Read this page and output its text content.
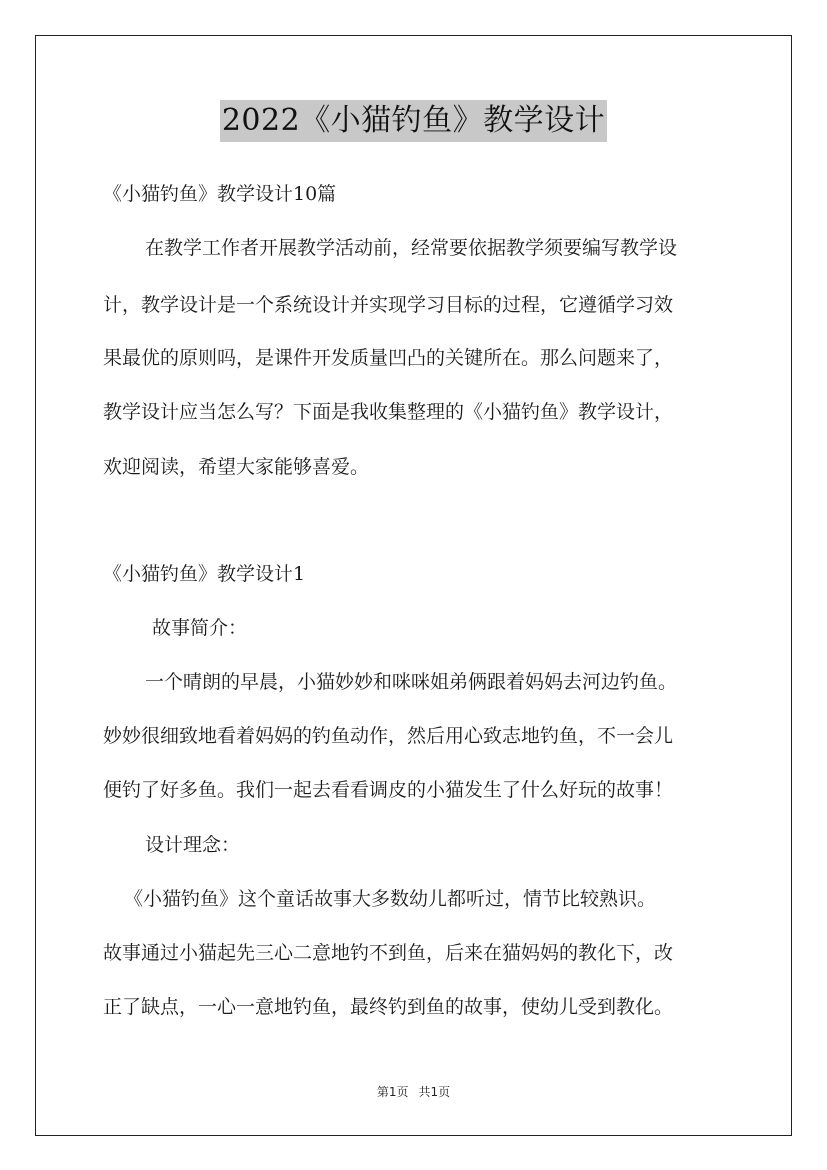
2022《小猫钓鱼》教学设计
《小猫钓鱼》教学设计10篇
在教学工作者开展教学活动前，经常要依据教学须要编写教学设
计，教学设计是一个系统设计并实现学习目标的过程，它遵循学习效
果最优的原则吗，是课件开发质量凹凸的关键所在。那么问题来了，
教学设计应当怎么写？下面是我收集整理的《小猫钓鱼》教学设计，
欢迎阅读，希望大家能够喜爱。
《小猫钓鱼》教学设计1
故事简介：
一个晴朗的早晨，小猫妙妙和咪咪姐弟俩跟着妈妈去河边钓鱼。
妙妙很细致地看着妈妈的钓鱼动作，然后用心致志地钓鱼，不一会儿
便钓了好多鱼。我们一起去看看调皮的小猫发生了什么好玩的故事！
设计理念：
《小猫钓鱼》这个童话故事大多数幼儿都听过，情节比较熟识。
故事通过小猫起先三心二意地钓不到鱼，后来在猫妈妈的教化下，改
正了缺点，一心一意地钓鱼，最终钓到鱼的故事，使幼儿受到教化。
第1页 共1页
